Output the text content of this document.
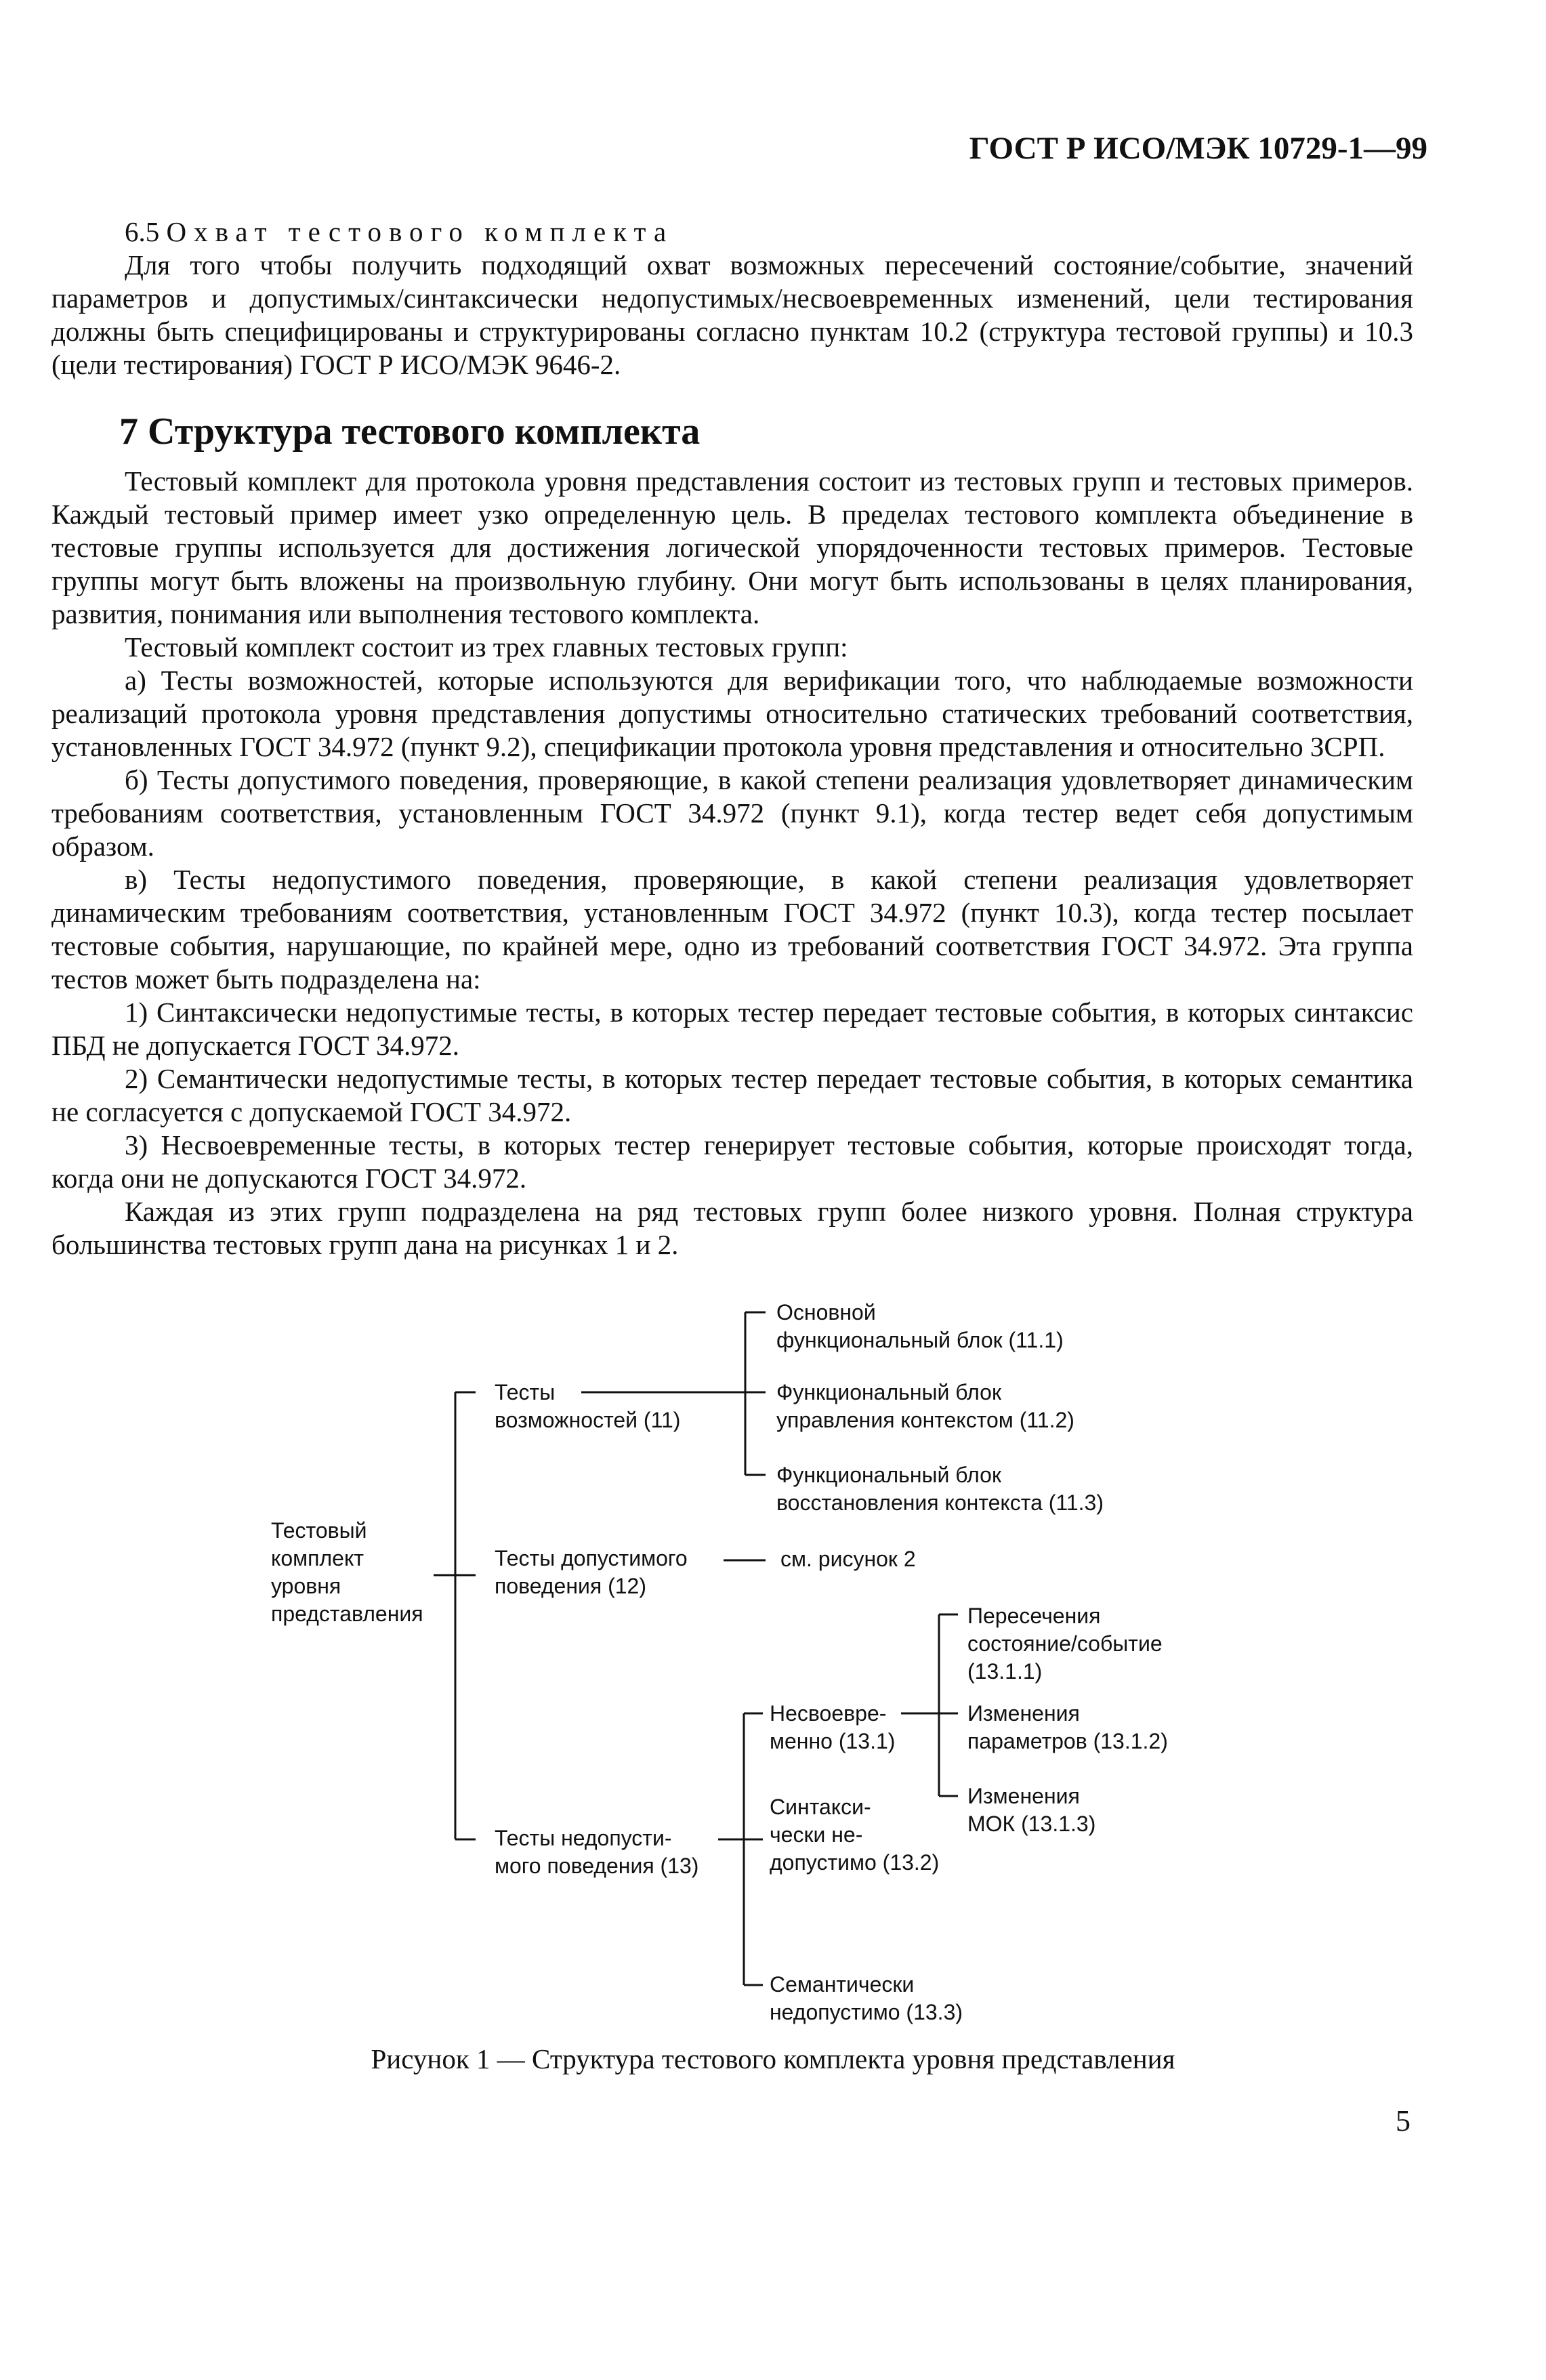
ГОСТ Р ИСО/МЭК 10729-1—99

6.5 Охват тестового комплекта

Для того чтобы получить подходящий охват возможных пересечений состояние/событие, значений параметров и допустимых/синтаксически недопустимых/несвоевременных изменений, цели тестирования должны быть специфицированы и структурированы согласно пунктам 10.2 (структура тестовой группы) и 10.3 (цели тестирования) ГОСТ Р ИСО/МЭК 9646-2.

7 Структура тестового комплекта

Тестовый комплект для протокола уровня представления состоит из тестовых групп и тестовых примеров. Каждый тестовый пример имеет узко определенную цель. В пределах тестового комплекта объединение в тестовые группы используется для достижения логической упорядоченности тестовых примеров. Тестовые группы могут быть вложены на произвольную глубину. Они могут быть использованы в целях планирования, развития, понимания или выполнения тестового комплекта.

Тестовый комплект состоит из трех главных тестовых групп:

а) Тесты возможностей, которые используются для верификации того, что наблюдаемые возможности реализаций протокола уровня представления допустимы относительно статических требований соответствия, установленных ГОСТ 34.972 (пункт 9.2), спецификации протокола уровня представления и относительно ЗСРП.

б) Тесты допустимого поведения, проверяющие, в какой степени реализация удовлетворяет динамическим требованиям соответствия, установленным ГОСТ 34.972 (пункт 9.1), когда тестер ведет себя допустимым образом.

в) Тесты недопустимого поведения, проверяющие, в какой степени реализация удовлетворяет динамическим требованиям соответствия, установленным ГОСТ 34.972 (пункт 10.3), когда тестер посылает тестовые события, нарушающие, по крайней мере, одно из требований соответствия ГОСТ 34.972. Эта группа тестов может быть подразделена на:

1) Синтаксически недопустимые тесты, в которых тестер передает тестовые события, в которых синтаксис ПБД не допускается ГОСТ 34.972.

2) Семантически недопустимые тесты, в которых тестер передает тестовые события, в которых семантика не согласуется с допускаемой ГОСТ 34.972.

3) Несвоевременные тесты, в которых тестер генерирует тестовые события, которые происходят тогда, когда они не допускаются ГОСТ 34.972.

Каждая из этих групп подразделена на ряд тестовых групп более низкого уровня. Полная структура большинства тестовых групп дана на рисунках 1 и 2.

Тестовый
комплект
уровня
представления
Тесты
возможностей (11)
Тесты допустимого
поведения (12)
Тесты недопусти-
мого поведения (13)
Основной
функциональный блок (11.1)
Функциональный блок
управления контекстом (11.2)
Функциональный блок
восстановления контекста (11.3)
см. рисунок 2
Несвоевре-
менно (13.1)
Синтакси-
чески не-
допустимо (13.2)
Семантически
недопустимо (13.3)
Пересечения
состояние/событие
(13.1.1)
Изменения
параметров (13.1.2)
Изменения
МОК (13.1.3)
Рисунок 1 — Структура тестового комплекта уровня представления
5
